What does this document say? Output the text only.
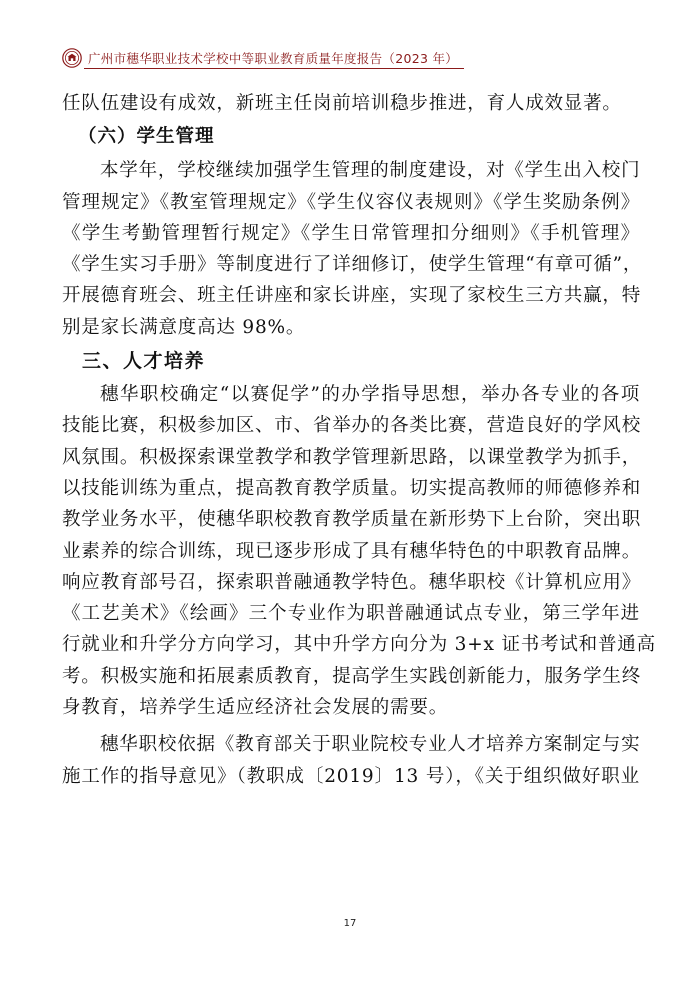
广州市穗华职业技术学校中等职业教育质量年度报告（2023 年）
任队伍建设有成效，新班主任岗前培训稳步推进，育人成效显著。
（六）学生管理
本学年，学校继续加强学生管理的制度建设，对《学生出入校门
管理规定》《教室管理规定》《学生仪容仪表规则》《学生奖励条例》
《学生考勤管理暂行规定》《学生日常管理扣分细则》《手机管理》
《学生实习手册》等制度进行了详细修订，使学生管理“有章可循”，
开展德育班会、班主任讲座和家长讲座，实现了家校生三方共赢，特
别是家长满意度高达 98%。
三、人才培养
穗华职校确定“以赛促学”的办学指导思想，举办各专业的各项
技能比赛，积极参加区、市、省举办的各类比赛，营造良好的学风校
风氛围。积极探索课堂教学和教学管理新思路，以课堂教学为抓手，
以技能训练为重点，提高教育教学质量。切实提高教师的师德修养和
教学业务水平，使穗华职校教育教学质量在新形势下上台阶，突出职
业素养的综合训练，现已逐步形成了具有穗华特色的中职教育品牌。
响应教育部号召，探索职普融通教学特色。穗华职校《计算机应用》
《工艺美术》《绘画》三个专业作为职普融通试点专业，第三学年进
行就业和升学分方向学习，其中升学方向分为 3+x 证书考试和普通高
考。积极实施和拓展素质教育，提高学生实践创新能力，服务学生终
身教育，培养学生适应经济社会发展的需要。
穗华职校依据《教育部关于职业院校专业人才培养方案制定与实
施工作的指导意见》（教职成〔2019〕13 号），《关于组织做好职业
17
